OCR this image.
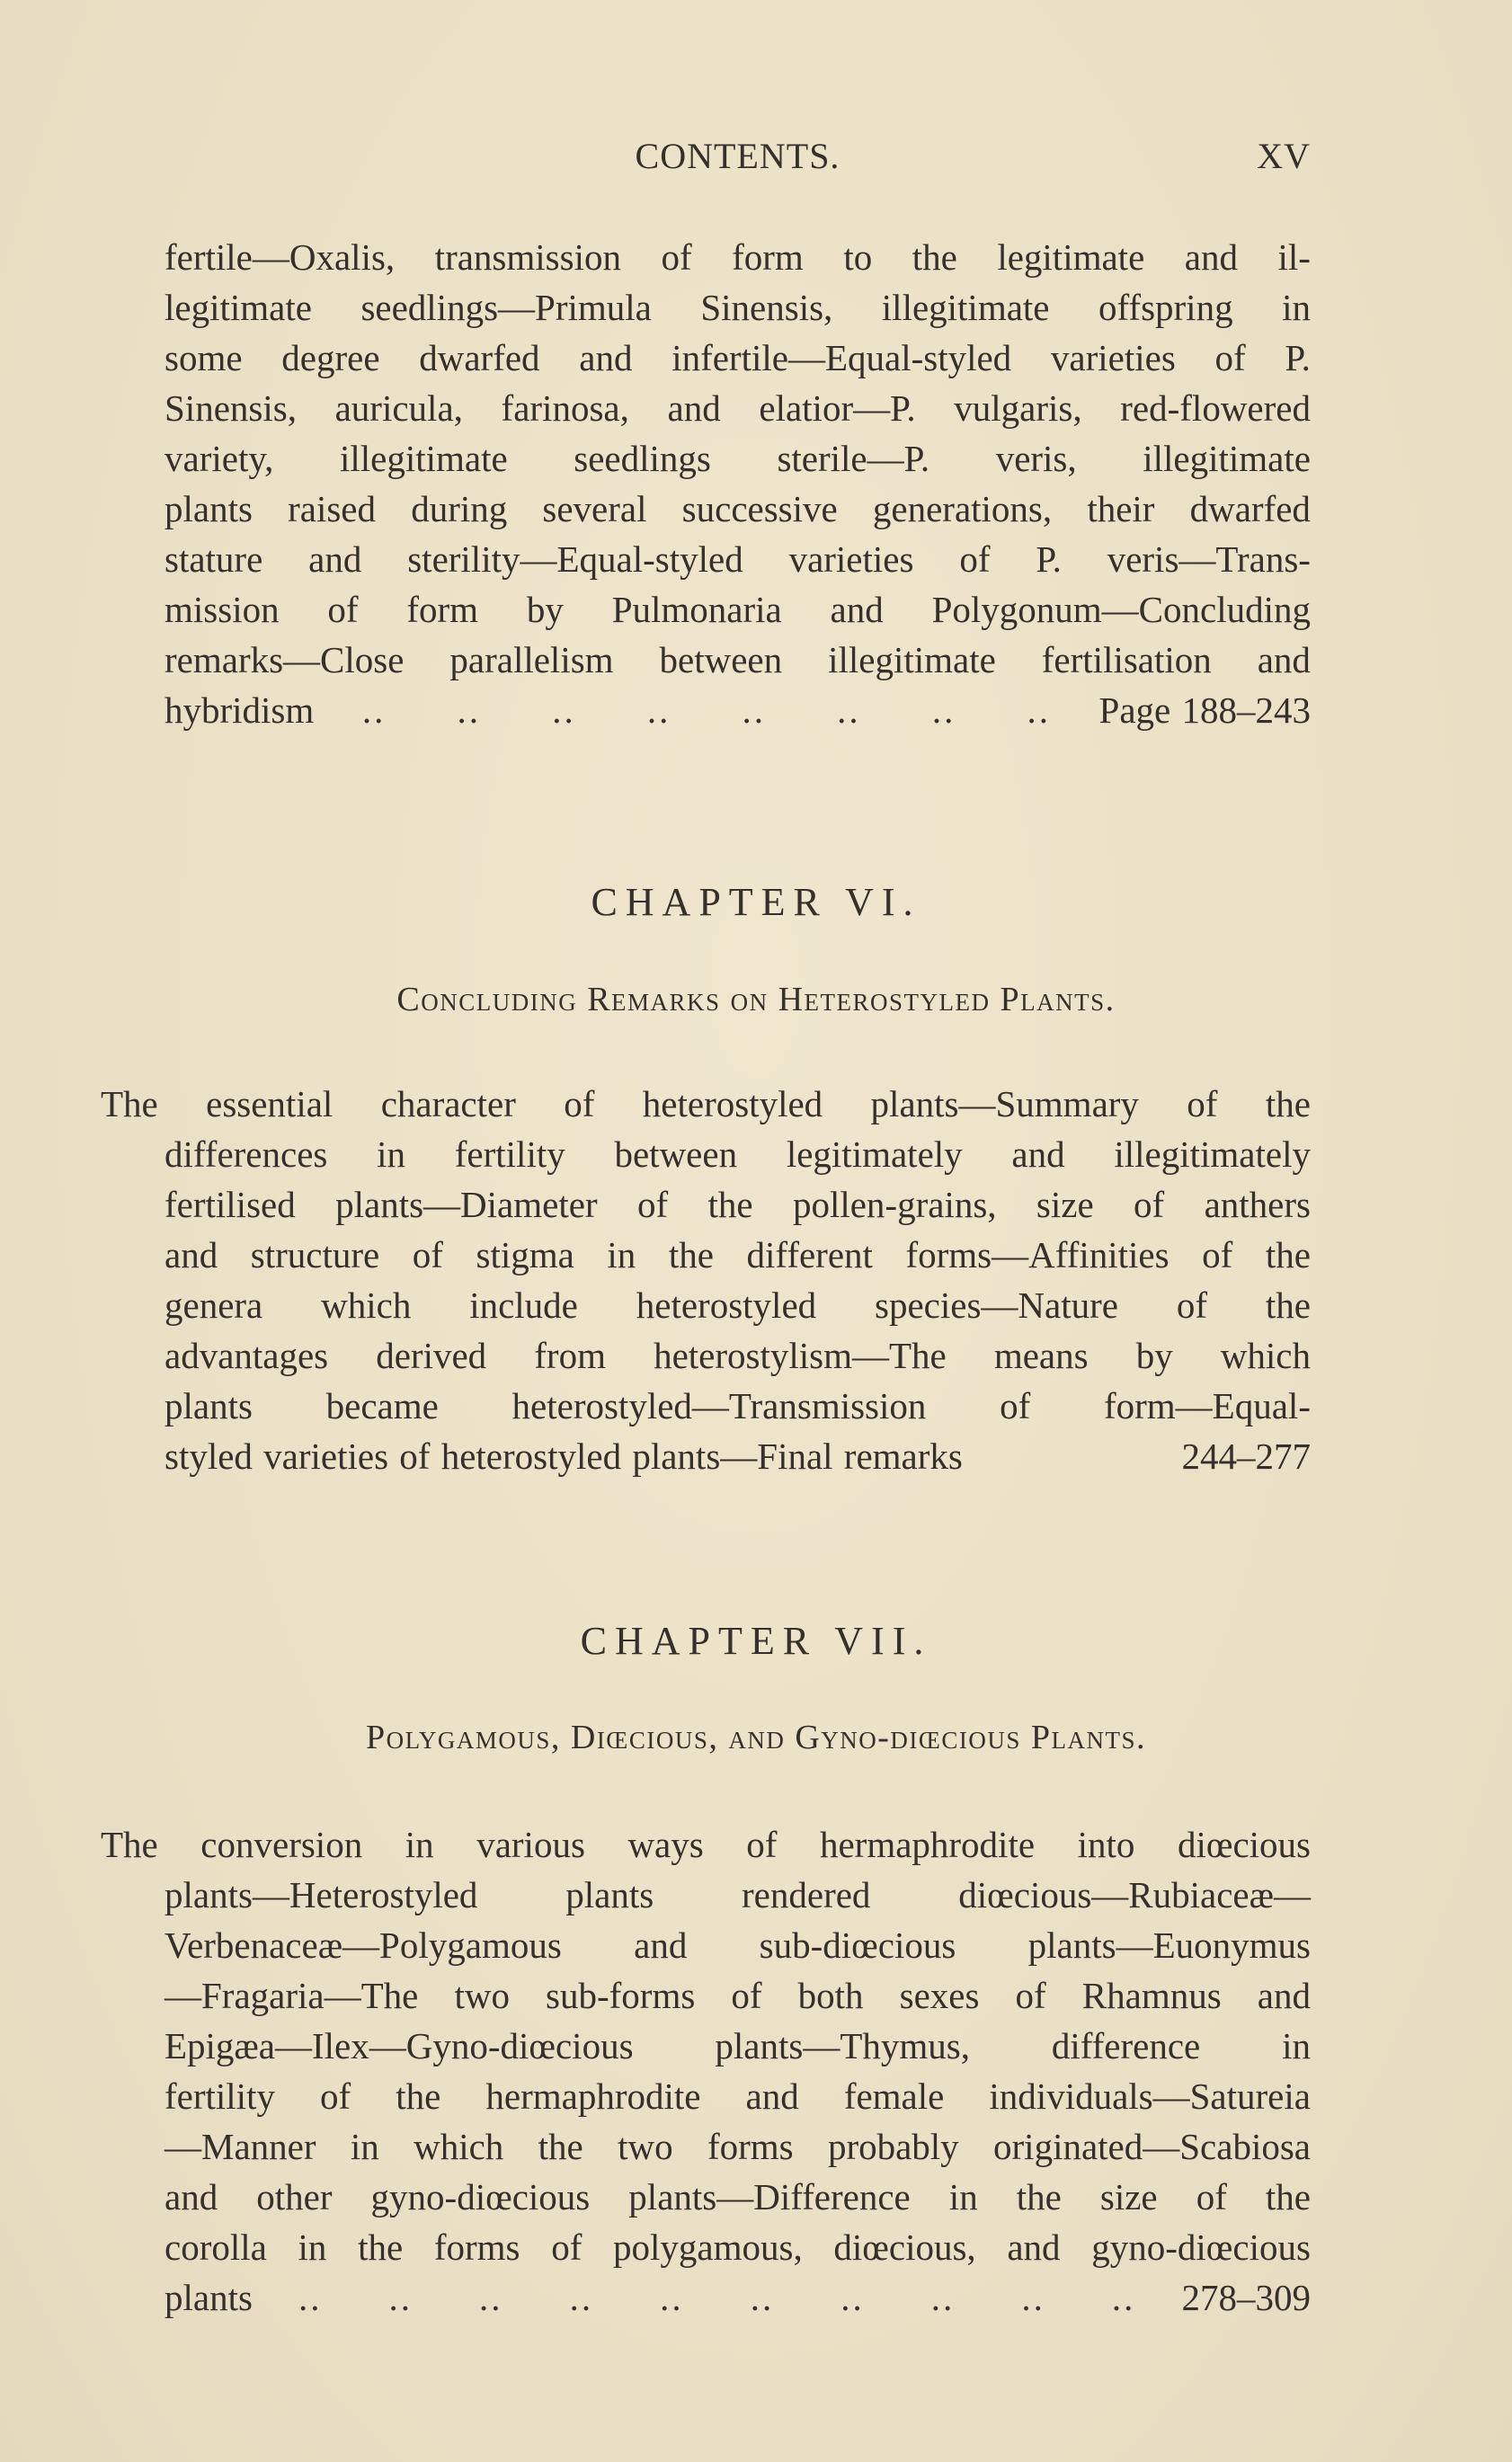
CONTENTS.	XV
fertile—Oxalis, transmission of form to the legitimate and il-
legitimate seedlings—Primula Sinensis, illegitimate offspring in
some degree dwarfed and infertile—Equal-styled varieties of P.
Sinensis, auricula, farinosa, and elatior—P. vulgaris, red-flowered
variety, illegitimate seedlings sterile—P. veris, illegitimate
plants raised during several successive generations, their dwarfed
stature and sterility—Equal-styled varieties of P. veris—Trans-
mission of form by Pulmonaria and Polygonum—Concluding
remarks—Close parallelism between illegitimate fertilisation and
hybridism .. .. .. .. .. .. .. .. Page 188–243
CHAPTER VI.
Concluding Remarks on Heterostyled Plants.
The essential character of heterostyled plants—Summary of the
differences in fertility between legitimately and illegitimately
fertilised plants—Diameter of the pollen-grains, size of anthers
and structure of stigma in the different forms—Affinities of the
genera which include heterostyled species—Nature of the
advantages derived from heterostylism—The means by which
plants became heterostyled—Transmission of form—Equal-
styled varieties of heterostyled plants—Final remarks	244–277
CHAPTER VII.
Polygamous, Diœcious, and Gyno-diœcious Plants.
The conversion in various ways of hermaphrodite into diœcious
plants—Heterostyled plants rendered diœcious—Rubiaceæ—
Verbenaceæ—Polygamous and sub-diœcious plants—Euonymus
—Fragaria—The two sub-forms of both sexes of Rhamnus and
Epigæa—Ilex—Gyno-diœcious plants—Thymus, difference in
fertility of the hermaphrodite and female individuals—Satureia
—Manner in which the two forms probably originated—Scabiosa
and other gyno-diœcious plants—Difference in the size of the
corolla in the forms of polygamous, diœcious, and gyno-diœcious
plants .. .. .. .. .. .. .. .. .. .. 278–309
